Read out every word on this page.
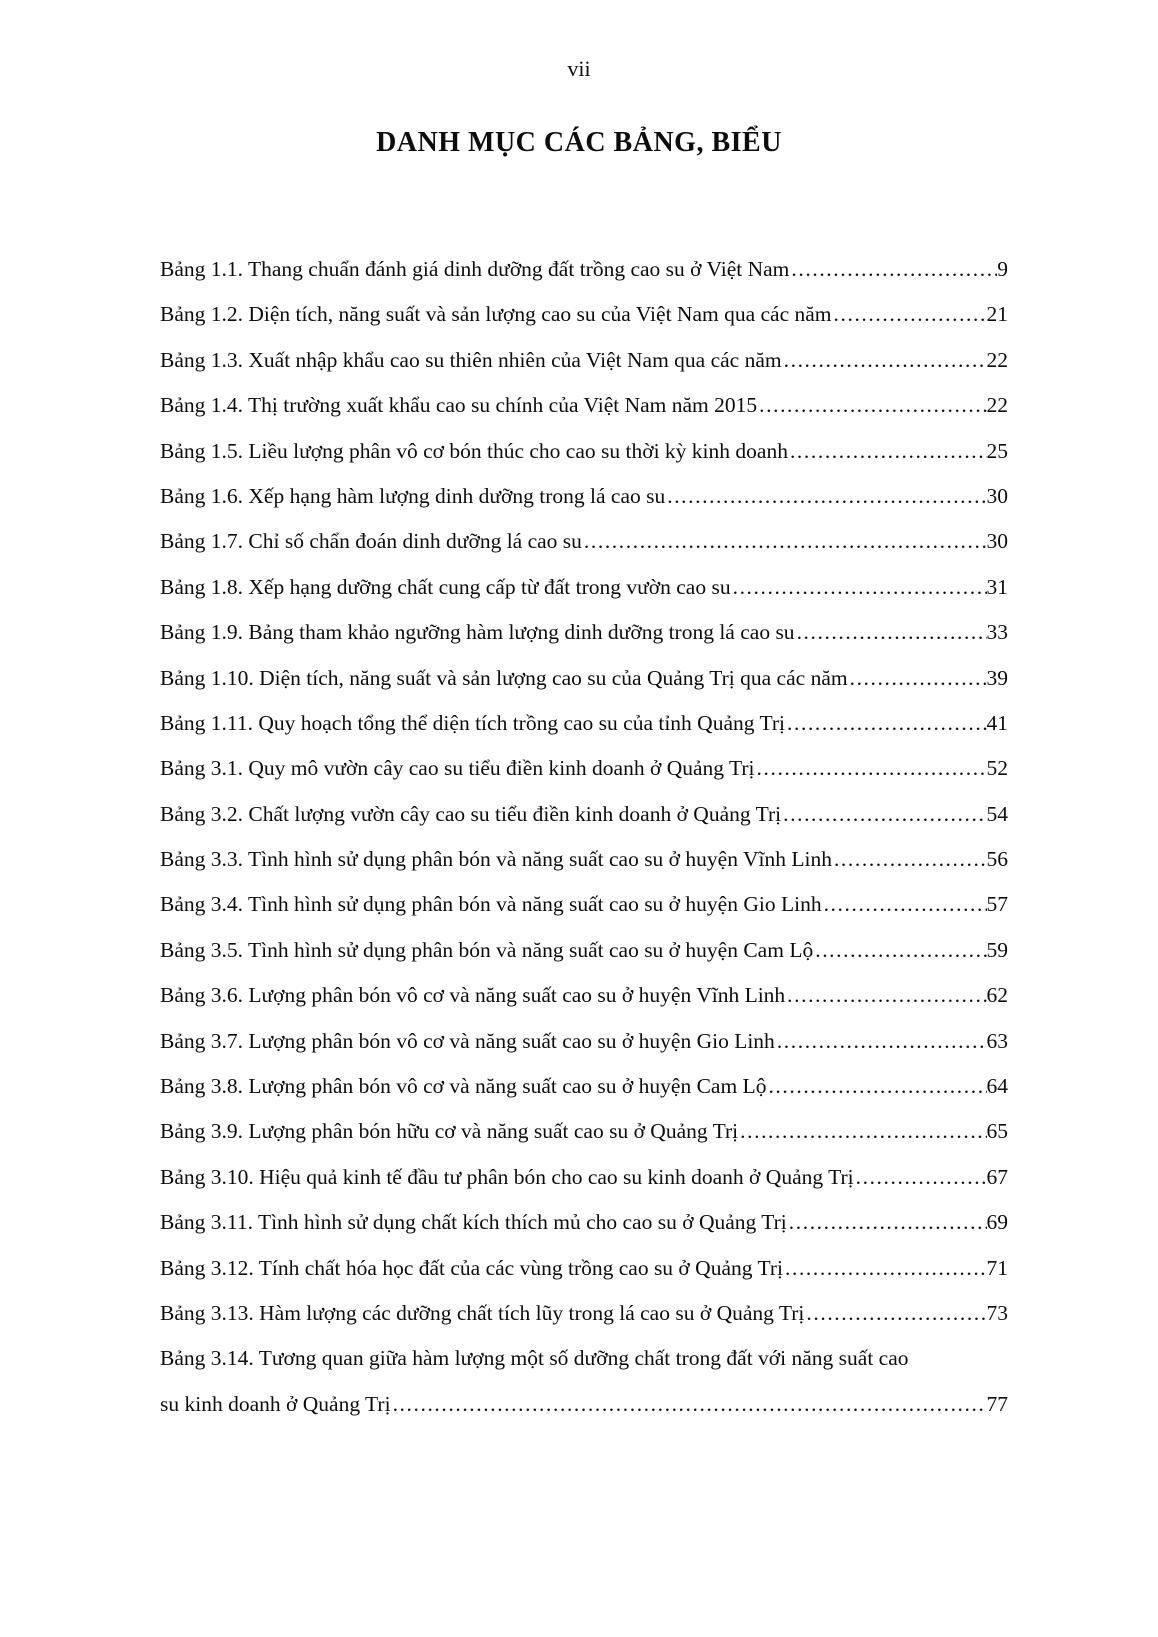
vii
DANH MỤC CÁC BẢNG, BIỂU
Bảng 1.1. Thang chuẩn đánh giá dinh dưỡng đất trồng cao su ở Việt Nam .....	9
Bảng 1.2. Diện tích, năng suất và sản lượng cao su của Việt Nam qua các năm .....	21
Bảng 1.3. Xuất nhập khẩu cao su thiên nhiên của Việt Nam qua các năm .....	22
Bảng 1.4. Thị trường xuất khẩu cao su chính của Việt Nam năm 2015 .....	22
Bảng 1.5. Liều lượng phân vô cơ bón thúc cho cao su thời kỳ kinh doanh .....	25
Bảng 1.6. Xếp hạng hàm lượng dinh dưỡng trong lá cao su .....	30
Bảng 1.7. Chỉ số chẩn đoán dinh dưỡng lá cao su .....	30
Bảng 1.8. Xếp hạng dưỡng chất cung cấp từ đất trong vườn cao su .....	31
Bảng 1.9. Bảng tham khảo ngưỡng hàm lượng dinh dưỡng trong lá cao su .....	33
Bảng 1.10. Diện tích, năng suất và sản lượng cao su của Quảng Trị qua các năm .....	39
Bảng 1.11. Quy hoạch tổng thể diện tích trồng cao su của tỉnh Quảng Trị .....	41
Bảng 3.1. Quy mô vườn cây cao su tiểu điền kinh doanh ở Quảng Trị .....	52
Bảng 3.2. Chất lượng vườn cây cao su tiểu điền kinh doanh ở Quảng Trị .....	54
Bảng 3.3. Tình hình sử dụng phân bón và năng suất cao su ở huyện Vĩnh Linh .....	56
Bảng 3.4. Tình hình sử dụng phân bón và năng suất cao su ở huyện Gio Linh .....	57
Bảng 3.5. Tình hình sử dụng phân bón và năng suất cao su ở huyện Cam Lộ .....	59
Bảng 3.6. Lượng phân bón vô cơ và năng suất cao su ở huyện Vĩnh Linh .....	62
Bảng 3.7. Lượng phân bón vô cơ và năng suất cao su ở huyện Gio Linh .....	63
Bảng 3.8. Lượng phân bón vô cơ và năng suất cao su ở huyện Cam Lộ .....	64
Bảng 3.9. Lượng phân bón hữu cơ và năng suất cao su ở Quảng Trị .....	65
Bảng 3.10. Hiệu quả kinh tế đầu tư phân bón cho cao su kinh doanh ở Quảng Trị .....	67
Bảng 3.11. Tình hình sử dụng chất kích thích mủ cho cao su ở Quảng Trị .....	69
Bảng 3.12. Tính chất hóa học đất của các vùng trồng cao su ở Quảng Trị .....	71
Bảng 3.13. Hàm lượng các dưỡng chất tích lũy trong lá cao su ở Quảng Trị .....	73
Bảng 3.14. Tương quan giữa hàm lượng một số dưỡng chất trong đất với năng suất cao
su kinh doanh ở Quảng Trị .....	77
